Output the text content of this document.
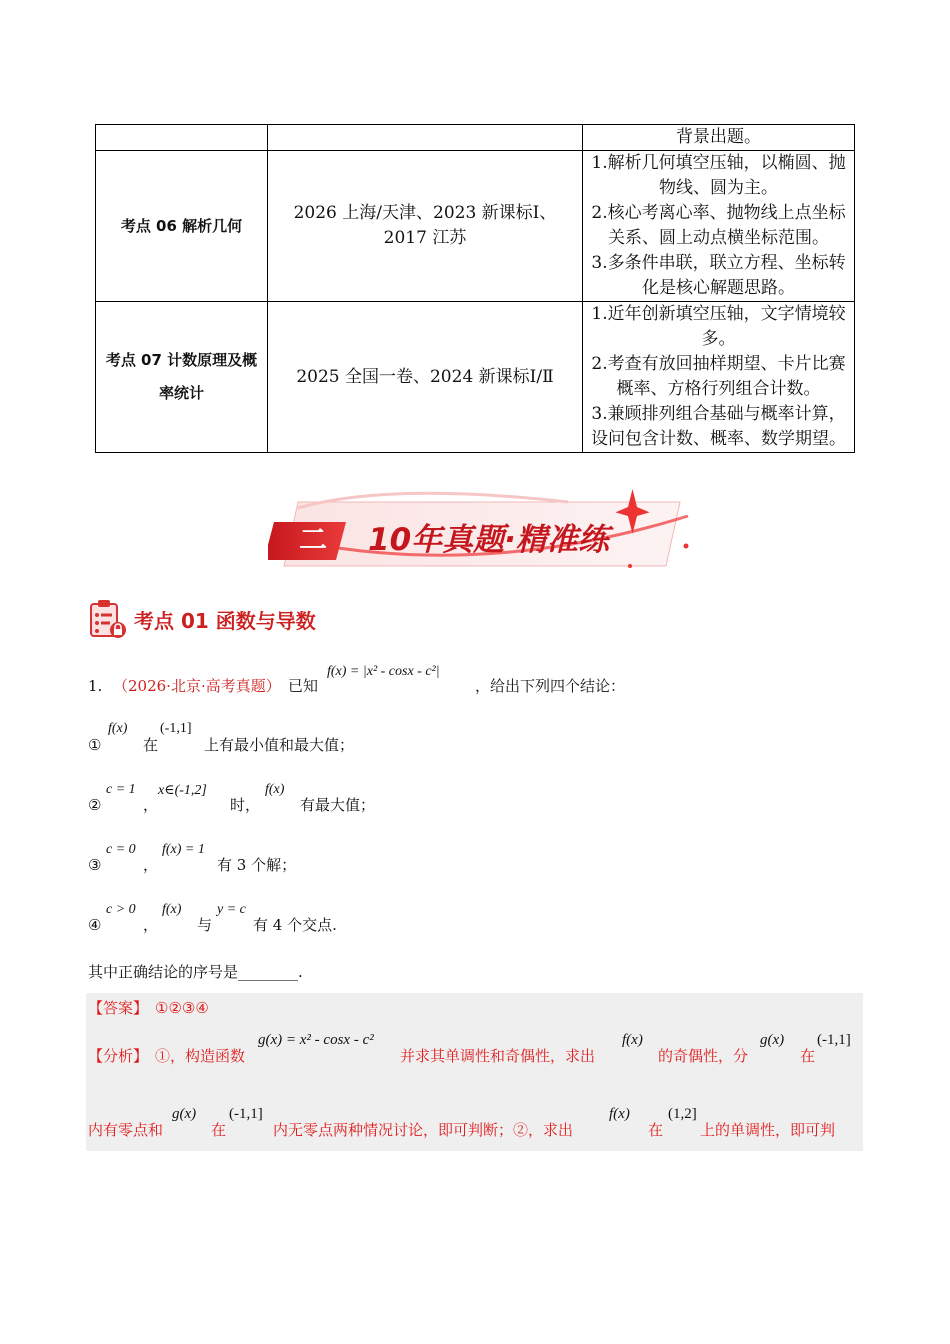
		背景出题。

考点 06 解析几何	2026 上海/天津、2023 新课标Ⅰ、2017 江苏	1.解析几何填空压轴，以椭圆、抛物线、圆为主。

2.核心考离心率、抛物线上点坐标关系、圆上动点横坐标范围。

3.多条件串联，联立方程、坐标转化是核心解题思路。

考点 07 计数原理及概率统计	2025 全国一卷、2024 新课标Ⅰ/Ⅱ	1.近年创新填空压轴，文字情境较多。

2.考查有放回抽样期望、卡片比赛概率、方格行列组合计数。

3.兼顾排列组合基础与概率计算，设问包含计数、概率、数学期望。

二	10年真题·精准练
考点 01 函数与导数
1. （2026·北京·高考真题） 已知
f(x) = |x² - cosx - c²|
，给出下列四个结论：
①
f(x)
在
(-1,1]
上有最小值和最大值；
②
c = 1
，
x∈(-1,2]
时，
f(x)
有最大值；
③
c = 0
，
f(x) = 1
有 3 个解；
④
c > 0
，
f(x)
与
y = c
有 4 个交点.
其中正确结论的序号是________.
【答案】 ①②③④
【分析】 ①，构造函数
g(x) = x² - cosx - c²
并求其单调性和奇偶性，求出
f(x)
的奇偶性，分
g(x)
在
(-1,1]
内有零点和
g(x)
在
(-1,1]
内无零点两种情况讨论，即可判断；②，求出
f(x)
在
(1,2]
上的单调性，即可判
